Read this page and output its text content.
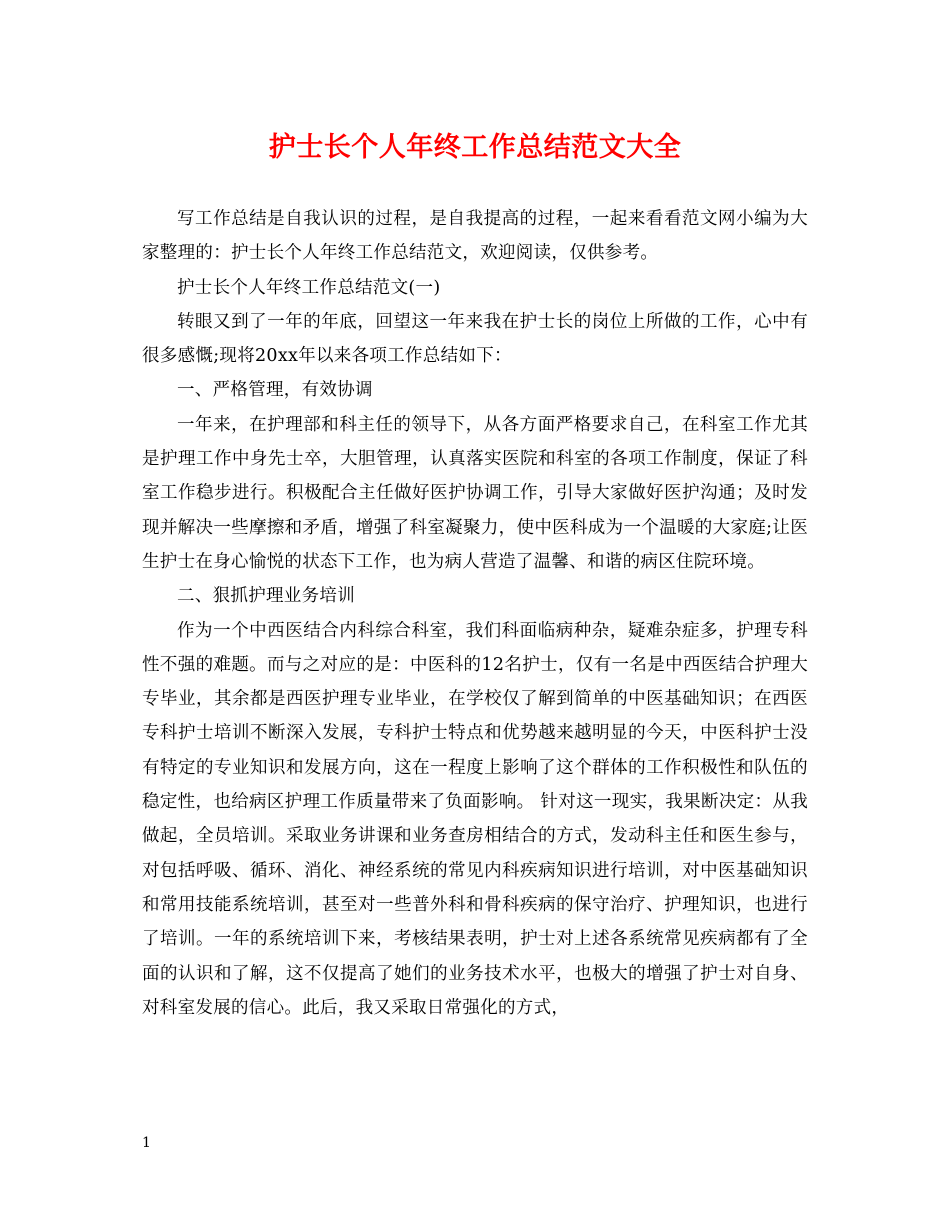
护士长个人年终工作总结范文大全

写工作总结是自我认识的过程，是自我提高的过程，一起来看看范文网小编为大家整理的：护士长个人年终工作总结范文，欢迎阅读，仅供参考。

护士长个人年终工作总结范文(一)

转眼又到了一年的年底，回望这一年来我在护士长的岗位上所做的工作，心中有很多感慨;现将20xx年以来各项工作总结如下：

一、严格管理，有效协调

一年来，在护理部和科主任的领导下，从各方面严格要求自己，在科室工作尤其是护理工作中身先士卒，大胆管理，认真落实医院和科室的各项工作制度，保证了科室工作稳步进行。积极配合主任做好医护协调工作，引导大家做好医护沟通；及时发现并解决一些摩擦和矛盾，增强了科室凝聚力，使中医科成为一个温暖的大家庭;让医生护士在身心愉悦的状态下工作，也为病人营造了温馨、和谐的病区住院环境。

二、狠抓护理业务培训

作为一个中西医结合内科综合科室，我们科面临病种杂，疑难杂症多，护理专科性不强的难题。而与之对应的是：中医科的12名护士，仅有一名是中西医结合护理大专毕业，其余都是西医护理专业毕业，在学校仅了解到简单的中医基础知识；在西医专科护士培训不断深入发展，专科护士特点和优势越来越明显的今天，中医科护士没有特定的专业知识和发展方向，这在一程度上影响了这个群体的工作积极性和队伍的稳定性，也给病区护理工作质量带来了负面影响。 针对这一现实，我果断决定：从我做起，全员培训。采取业务讲课和业务查房相结合的方式，发动科主任和医生参与，对包括呼吸、循环、消化、神经系统的常见内科疾病知识进行培训，对中医基础知识和常用技能系统培训，甚至对一些普外科和骨科疾病的保守治疗、护理知识，也进行了培训。一年的系统培训下来，考核结果表明，护士对上述各系统常见疾病都有了全面的认识和了解，这不仅提高了她们的业务技术水平，也极大的增强了护士对自身、对科室发展的信心。此后，我又采取日常强化的方式，

1
